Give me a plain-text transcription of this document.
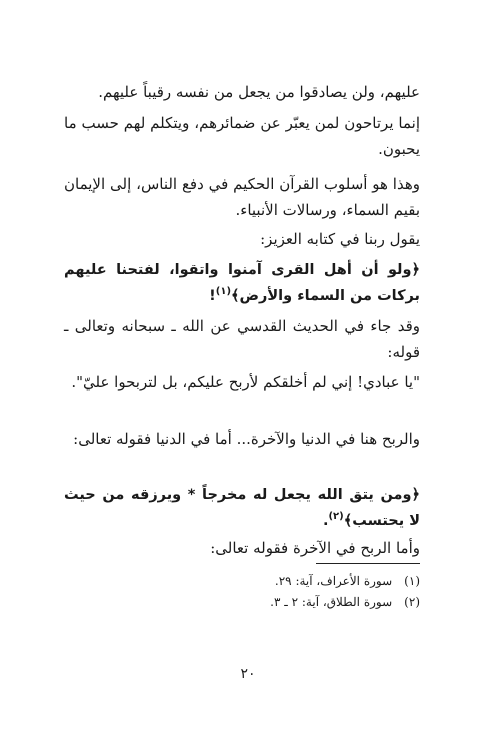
عليهم، ولن يصادقوا من يجعل من نفسه رقيباً عليهم.

إنما يرتاحون لمن يعبّر عن ضمائرهم، ويتكلم لهم حسب ما يحبون.

وهذا هو أسلوب القرآن الحكيم في دفع الناس، إلى الإيمان بقيم السماء، ورسالات الأنبياء.

يقول ربنا في كتابه العزيز:

﴿ولو أن أهل القرى آمنوا واتقوا، لفتحنا عليهم بركات من السماء والأرض﴾$^{(١)}$!

وقد جاء في الحديث القدسي عن الله ـ سبحانه وتعالى ـ قوله:

"يا عبادي! إني لم أخلقكم لأربح عليكم، بل لتربحوا عليّ".

والربح هنا في الدنيا والآخرة... أما في الدنيا فقوله تعالى:

﴿ومن يتق الله يجعل له مخرجاً * ويرزقه من حيث لا يحتسب﴾$^{(٢)}$.

وأما الربح في الآخرة فقوله تعالى:

(١)سورة الأعراف، آية: ٢٩.
(٢)سورة الطلاق، آية: ٢ ـ ٣.
٢٠
